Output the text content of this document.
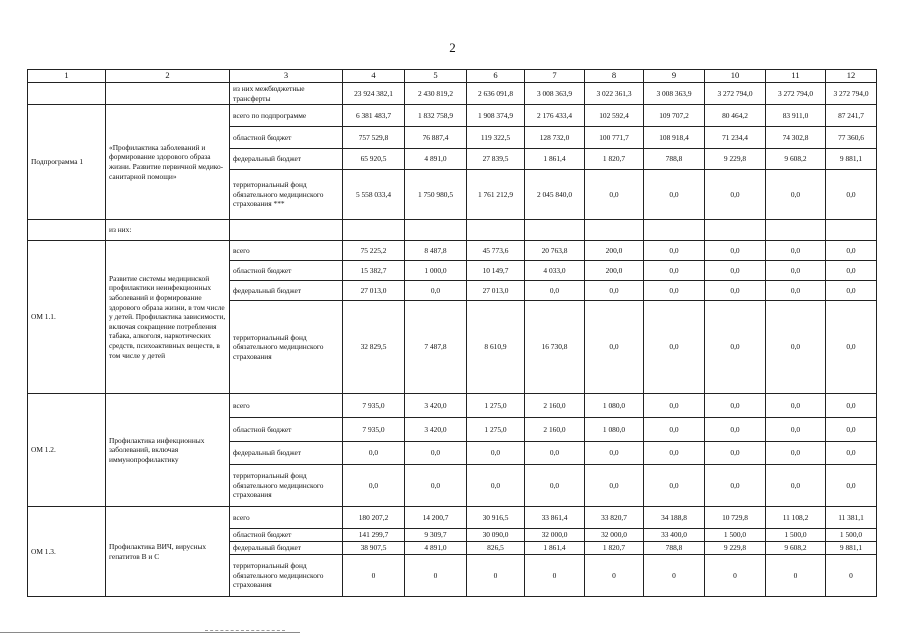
2
1	2	3	4	5	6	7	8	9	10	11	12
		из них межбюджетные трансферты	23 924 382,1	2 430 819,2	2 636 091,8	3 008 363,9	3 022 361,3	3 008 363,9	3 272 794,0	3 272 794,0	3 272 794,0
Подпрограмма 1	«Профилактика заболеваний и формирование здорового образа жизни. Развитие первичной медико-санитарной помощи»	всего по подпрограмме	6 381 483,7	1 832 758,9	1 908 374,9	2 176 433,4	102 592,4	109 707,2	80 464,2	83 911,0	87 241,7
		областной бюджет	757 529,8	76 887,4	119 322,5	128 732,0	100 771,7	108 918,4	71 234,4	74 302,8	77 360,6
		федеральный бюджет	65 920,5	4 891,0	27 839,5	1 861,4	1 820,7	788,8	9 229,8	9 608,2	9 881,1
		территориальный фонд обязательного медицинского страхования ***	5 558 033,4	1 750 980,5	1 761 212,9	2 045 840,0	0,0	0,0	0,0	0,0	0,0
	из них:										
ОМ 1.1.	Развитие системы медицинской профилактики неинфекционных заболеваний и формирование здорового образа жизни, в том числе у детей. Профилактика зависимости, включая сокращение потребления табака, алкоголя, наркотических средств, психоактивных веществ, в том числе у детей	всего	75 225,2	8 487,8	45 773,6	20 763,8	200,0	0,0	0,0	0,0	0,0
		областной бюджет	15 382,7	1 000,0	10 149,7	4 033,0	200,0	0,0	0,0	0,0	0,0
		федеральный бюджет	27 013,0	0,0	27 013,0	0,0	0,0	0,0	0,0	0,0	0,0
		территориальный фонд обязательного медицинского страхования	32 829,5	7 487,8	8 610,9	16 730,8	0,0	0,0	0,0	0,0	0,0
ОМ 1.2.	Профилактика инфекционных заболеваний, включая иммунопрофилактику	всего	7 935,0	3 420,0	1 275,0	2 160,0	1 080,0	0,0	0,0	0,0	0,0
		областной бюджет	7 935,0	3 420,0	1 275,0	2 160,0	1 080,0	0,0	0,0	0,0	0,0
		федеральный бюджет	0,0	0,0	0,0	0,0	0,0	0,0	0,0	0,0	0,0
		территориальный фонд обязательного медицинского страхования	0,0	0,0	0,0	0,0	0,0	0,0	0,0	0,0	0,0
ОМ 1.3.	Профилактика ВИЧ, вирусных гепатитов В и С	всего	180 207,2	14 200,7	30 916,5	33 861,4	33 820,7	34 188,8	10 729,8	11 108,2	11 381,1
		областной бюджет	141 299,7	9 309,7	30 090,0	32 000,0	32 000,0	33 400,0	1 500,0	1 500,0	1 500,0
		федеральный бюджет	38 907,5	4 891,0	826,5	1 861,4	1 820,7	788,8	9 229,8	9 608,2	9 881,1
		территориальный фонд обязательного медицинского страхования	0	0	0	0	0	0	0	0	0
